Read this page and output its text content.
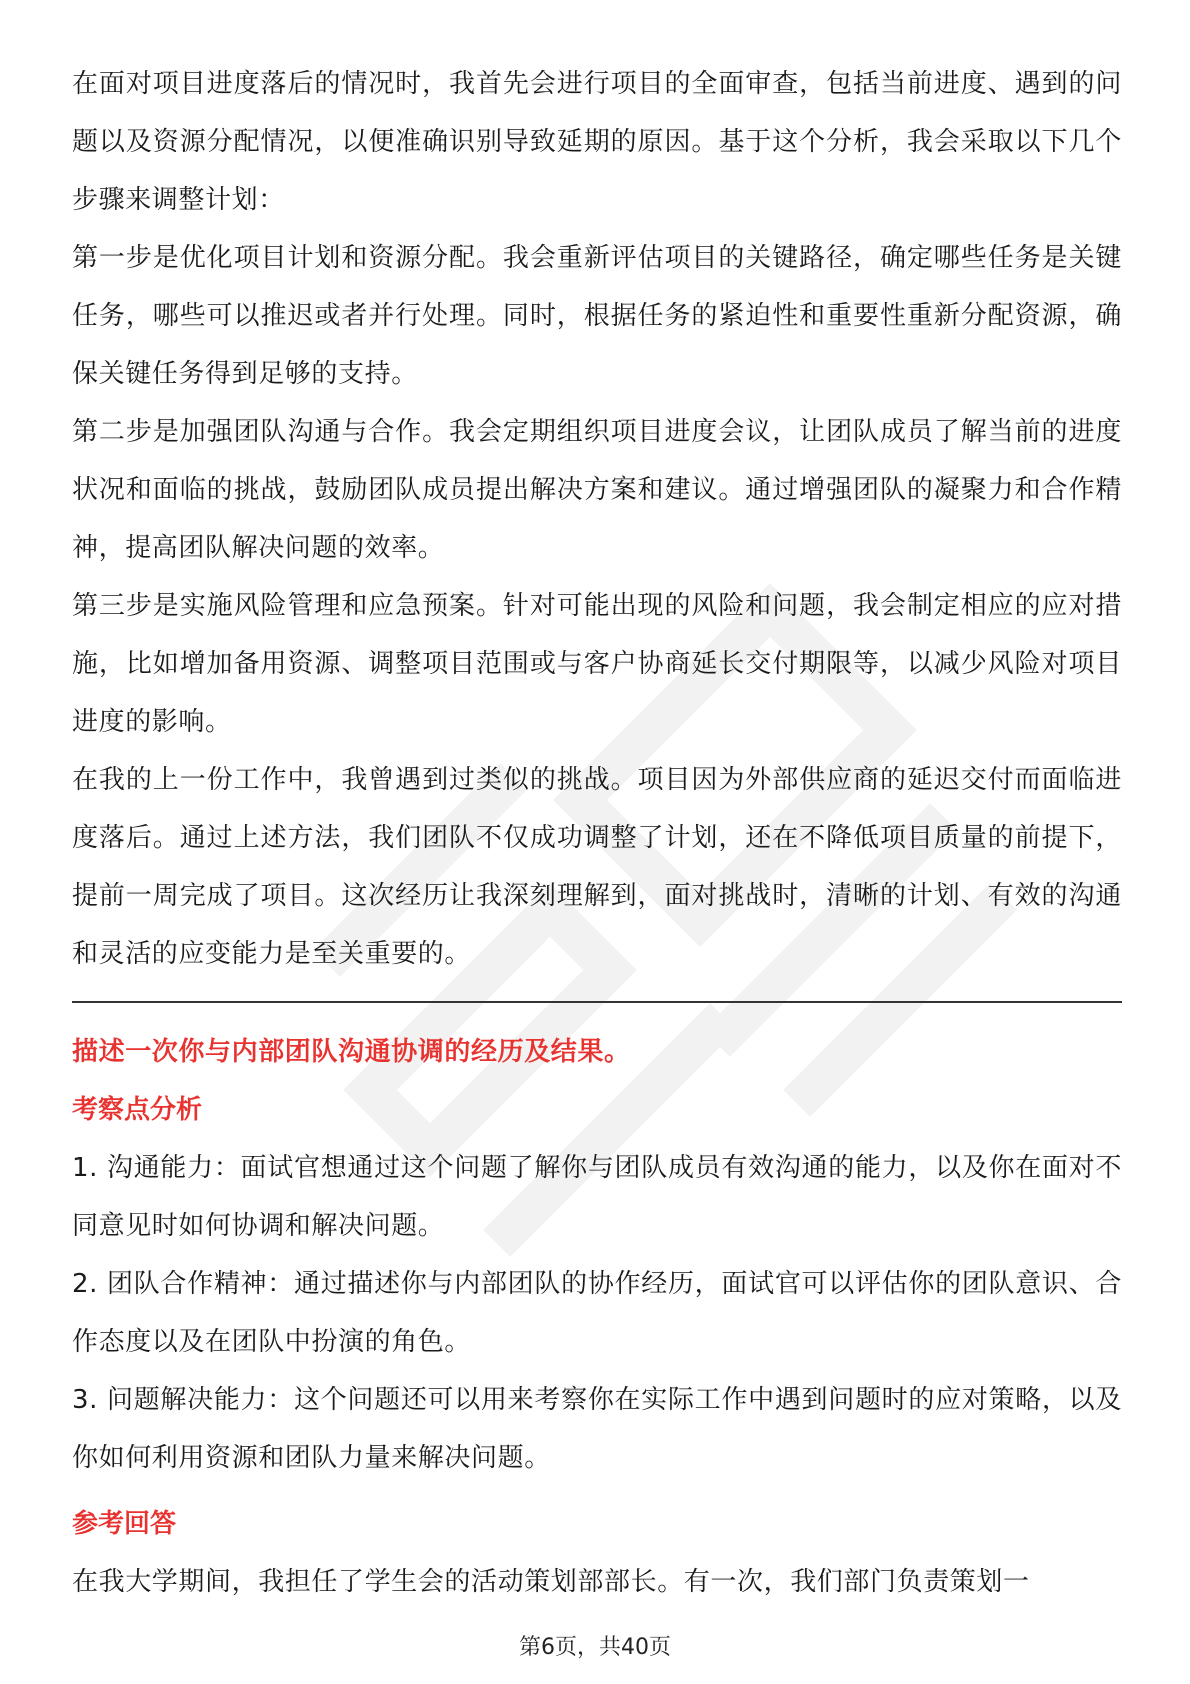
在面对项目进度落后的情况时，我首先会进行项目的全面审查，包括当前进度、遇到的问题以及资源分配情况，以便准确识别导致延期的原因。基于这个分析，我会采取以下几个步骤来调整计划：

第一步是优化项目计划和资源分配。我会重新评估项目的关键路径，确定哪些任务是关键任务，哪些可以推迟或者并行处理。同时，根据任务的紧迫性和重要性重新分配资源，确保关键任务得到足够的支持。

第二步是加强团队沟通与合作。我会定期组织项目进度会议，让团队成员了解当前的进度状况和面临的挑战，鼓励团队成员提出解决方案和建议。通过增强团队的凝聚力和合作精神，提高团队解决问题的效率。

第三步是实施风险管理和应急预案。针对可能出现的风险和问题，我会制定相应的应对措施，比如增加备用资源、调整项目范围或与客户协商延长交付期限等，以减少风险对项目进度的影响。

在我的上一份工作中，我曾遇到过类似的挑战。项目因为外部供应商的延迟交付而面临进度落后。通过上述方法，我们团队不仅成功调整了计划，还在不降低项目质量的前提下，提前一周完成了项目。这次经历让我深刻理解到，面对挑战时，清晰的计划、有效的沟通和灵活的应变能力是至关重要的。

描述一次你与内部团队沟通协调的经历及结果。

考察点分析

1. 沟通能力：面试官想通过这个问题了解你与团队成员有效沟通的能力，以及你在面对不同意见时如何协调和解决问题。

2. 团队合作精神：通过描述你与内部团队的协作经历，面试官可以评估你的团队意识、合作态度以及在团队中扮演的角色。

3. 问题解决能力：这个问题还可以用来考察你在实际工作中遇到问题时的应对策略，以及你如何利用资源和团队力量来解决问题。

参考回答

在我大学期间，我担任了学生会的活动策划部部长。有一次，我们部门负责策划一

第6页，共40页
